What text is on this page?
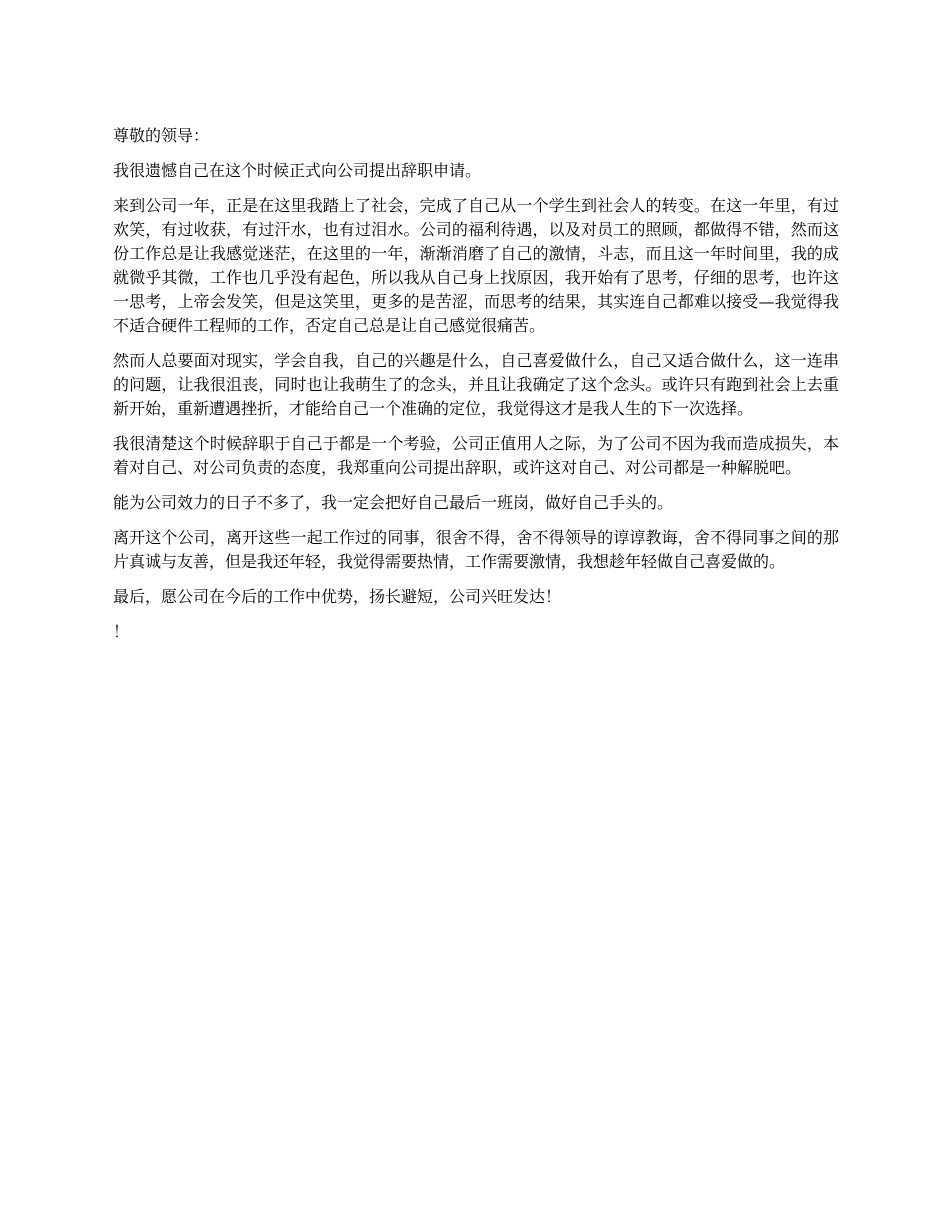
尊敬的领导：

我很遗憾自己在这个时候正式向公司提出辞职申请。

来到公司一年，正是在这里我踏上了社会，完成了自己从一个学生到社会人的转变。在这一年里，有过欢笑，有过收获，有过汗水，也有过泪水。公司的福利待遇，以及对员工的照顾，都做得不错，然而这份工作总是让我感觉迷茫，在这里的一年，渐渐消磨了自己的激情，斗志，而且这一年时间里，我的成就微乎其微，工作也几乎没有起色，所以我从自己身上找原因，我开始有了思考，仔细的思考，也许这一思考，上帝会发笑，但是这笑里，更多的是苦涩，而思考的结果，其实连自己都难以接受—我觉得我不适合硬件工程师的工作，否定自己总是让自己感觉很痛苦。

然而人总要面对现实，学会自我，自己的兴趣是什么，自己喜爱做什么，自己又适合做什么，这一连串的问题，让我很沮丧，同时也让我萌生了的念头，并且让我确定了这个念头。或许只有跑到社会上去重新开始，重新遭遇挫折，才能给自己一个准确的定位，我觉得这才是我人生的下一次选择。

我很清楚这个时候辞职于自己于都是一个考验，公司正值用人之际，为了公司不因为我而造成损失，本着对自己、对公司负责的态度，我郑重向公司提出辞职，或许这对自己、对公司都是一种解脱吧。

能为公司效力的日子不多了，我一定会把好自己最后一班岗，做好自己手头的。

离开这个公司，离开这些一起工作过的同事，很舍不得，舍不得领导的谆谆教诲，舍不得同事之间的那片真诚与友善，但是我还年轻，我觉得需要热情，工作需要激情，我想趁年轻做自己喜爱做的。

最后，愿公司在今后的工作中优势，扬长避短，公司兴旺发达！

！
